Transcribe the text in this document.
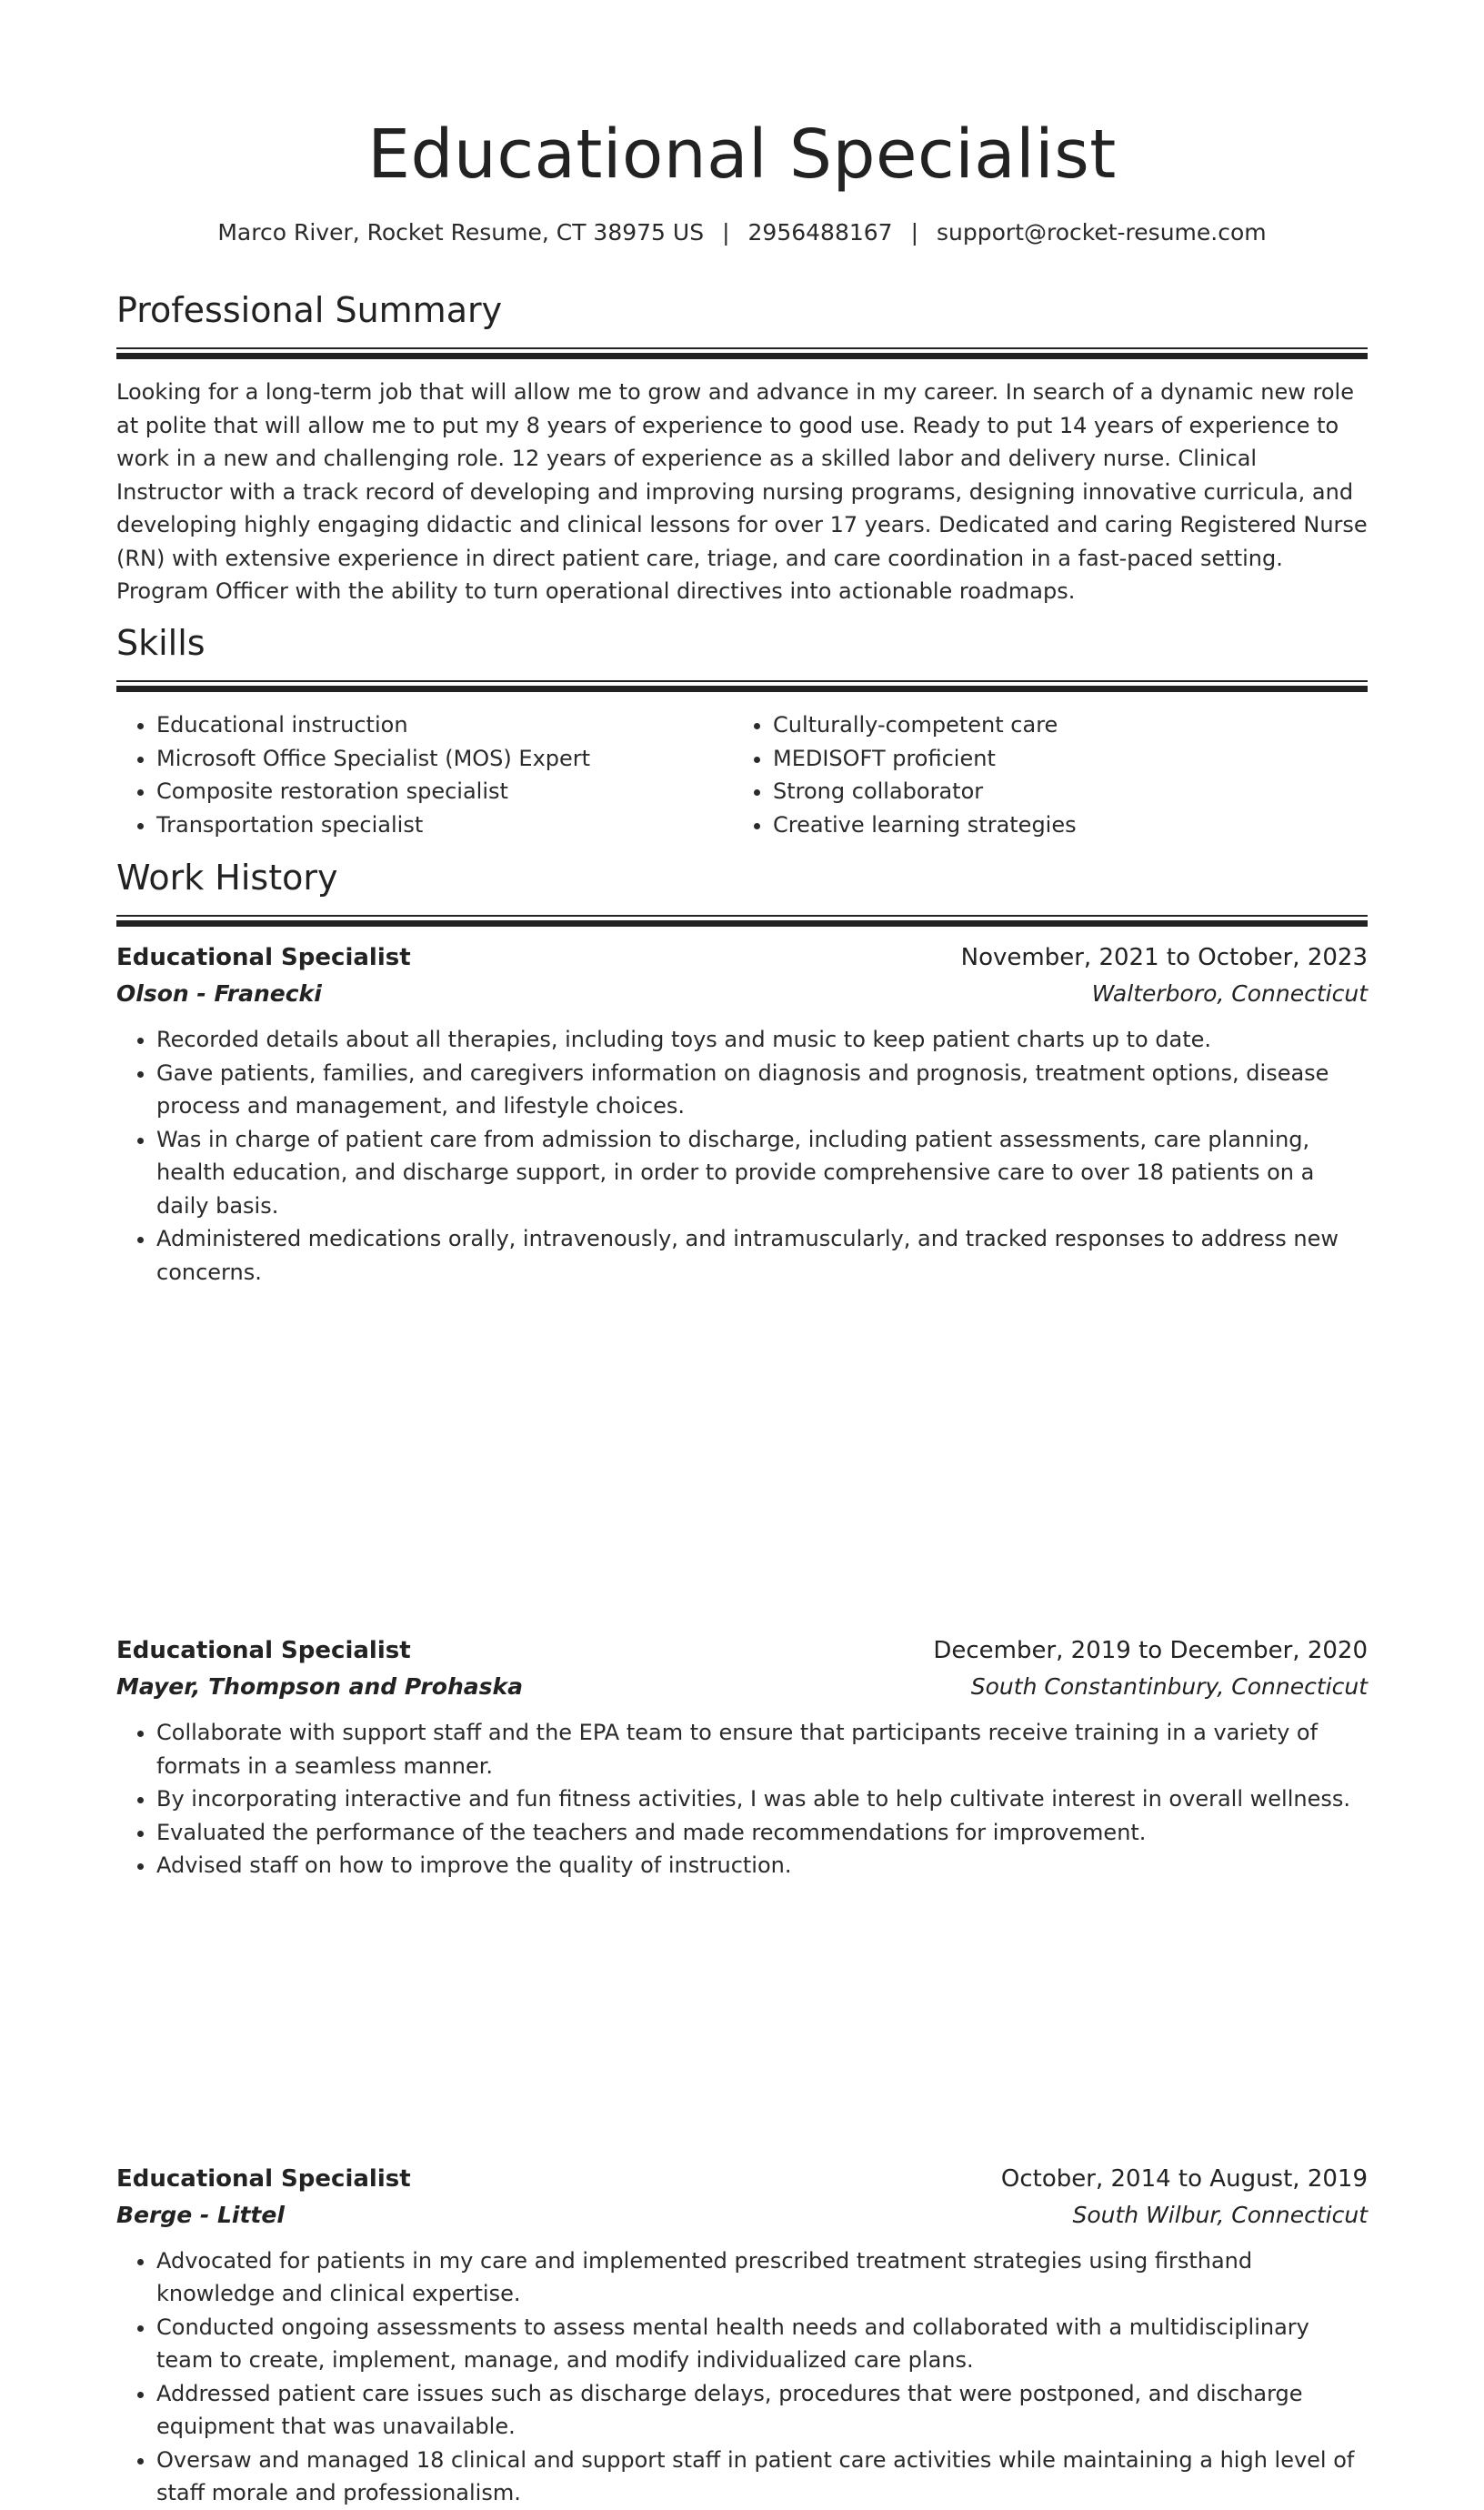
Educational Specialist
Marco River, Rocket Resume, CT 38975 US | 2956488167 | support@rocket-resume.com
Professional Summary

Looking for a long-term job that will allow me to grow and advance in my career. In search of a dynamic new role at polite that will allow me to put my 8 years of experience to good use. Ready to put 14 years of experience to work in a new and challenging role. 12 years of experience as a skilled labor and delivery nurse. Clinical Instructor with a track record of developing and improving nursing programs, designing innovative curricula, and developing highly engaging didactic and clinical lessons for over 17 years. Dedicated and caring Registered Nurse (RN) with extensive experience in direct patient care, triage, and care coordination in a fast-paced setting. Program Officer with the ability to turn operational directives into actionable roadmaps.

Skills
• Educational instruction
• Microsoft Office Specialist (MOS) Expert
• Composite restoration specialist
• Transportation specialist
• Culturally-competent care
• MEDISOFT proficient
• Strong collaborator
• Creative learning strategies
Work History
Educational Specialist	November, 2021 to October, 2023
Olson - Franecki	Walterboro, Connecticut
• Recorded details about all therapies, including toys and music to keep patient charts up to date.
• Gave patients, families, and caregivers information on diagnosis and prognosis, treatment options, disease process and management, and lifestyle choices.
• Was in charge of patient care from admission to discharge, including patient assessments, care planning, health education, and discharge support, in order to provide comprehensive care to over 18 patients on a daily basis.
• Administered medications orally, intravenously, and intramuscularly, and tracked responses to address new concerns.
Educational Specialist	December, 2019 to December, 2020
Mayer, Thompson and Prohaska	South Constantinbury, Connecticut
• Collaborate with support staff and the EPA team to ensure that participants receive training in a variety of formats in a seamless manner.
• By incorporating interactive and fun fitness activities, I was able to help cultivate interest in overall wellness.
• Evaluated the performance of the teachers and made recommendations for improvement.
• Advised staff on how to improve the quality of instruction.
Educational Specialist	October, 2014 to August, 2019
Berge - Littel	South Wilbur, Connecticut
• Advocated for patients in my care and implemented prescribed treatment strategies using firsthand knowledge and clinical expertise.
• Conducted ongoing assessments to assess mental health needs and collaborated with a multidisciplinary team to create, implement, manage, and modify individualized care plans.
• Addressed patient care issues such as discharge delays, procedures that were postponed, and discharge equipment that was unavailable.
• Oversaw and managed 18 clinical and support staff in patient care activities while maintaining a high level of staff morale and professionalism.
